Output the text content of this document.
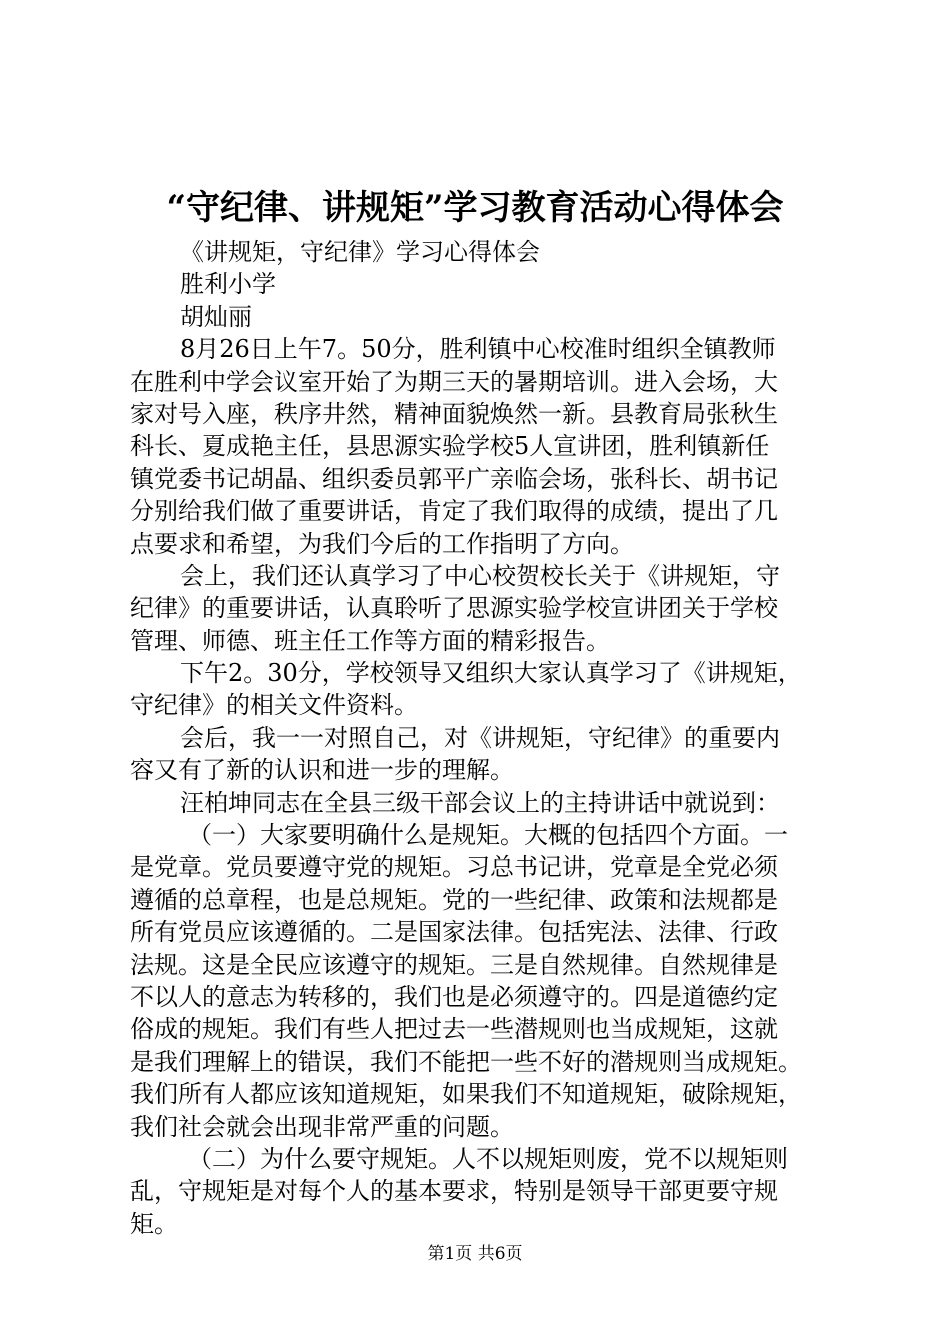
“守纪律、讲规矩”学习教育活动心得体会
《讲规矩，守纪律》学习心得体会
胜利小学
胡灿丽
8月26日上午7。50分，胜利镇中心校准时组织全镇教师
在胜利中学会议室开始了为期三天的暑期培训。进入会场，大
家对号入座，秩序井然，精神面貌焕然一新。县教育局张秋生
科长、夏成艳主任，县思源实验学校5人宣讲团，胜利镇新任
镇党委书记胡晶、组织委员郭平广亲临会场，张科长、胡书记
分别给我们做了重要讲话，肯定了我们取得的成绩，提出了几
点要求和希望，为我们今后的工作指明了方向。
会上，我们还认真学习了中心校贺校长关于《讲规矩，守
纪律》的重要讲话，认真聆听了思源实验学校宣讲团关于学校
管理、师德、班主任工作等方面的精彩报告。
下午2。30分，学校领导又组织大家认真学习了《讲规矩，
守纪律》的相关文件资料。
会后，我一一对照自己，对《讲规矩，守纪律》的重要内
容又有了新的认识和进一步的理解。
汪柏坤同志在全县三级干部会议上的主持讲话中就说到：
（一）大家要明确什么是规矩。大概的包括四个方面。一
是党章。党员要遵守党的规矩。习总书记讲，党章是全党必须
遵循的总章程，也是总规矩。党的一些纪律、政策和法规都是
所有党员应该遵循的。二是国家法律。包括宪法、法律、行政
法规。这是全民应该遵守的规矩。三是自然规律。自然规律是
不以人的意志为转移的，我们也是必须遵守的。四是道德约定
俗成的规矩。我们有些人把过去一些潜规则也当成规矩，这就
是我们理解上的错误，我们不能把一些不好的潜规则当成规矩。
我们所有人都应该知道规矩，如果我们不知道规矩，破除规矩，
我们社会就会出现非常严重的问题。
（二）为什么要守规矩。人不以规矩则废，党不以规矩则
乱，守规矩是对每个人的基本要求，特别是领导干部更要守规
矩。
第1页 共6页
